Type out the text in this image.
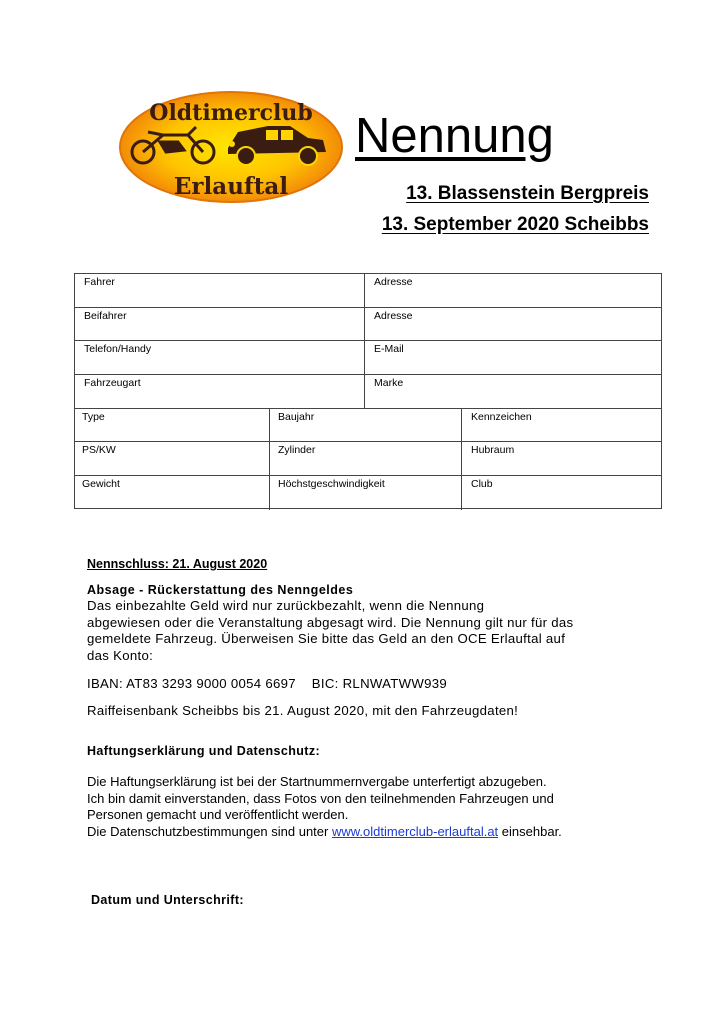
Oldtimerclub
Erlauftal
Nennung
13. Blassenstein Bergpreis
13. September 2020 Scheibbs
Fahrer	Adresse
Beifahrer	Adresse
Telefon/Handy	E-Mail
Fahrzeugart	Marke
Type	Baujahr	Kennzeichen
PS/KW	Zylinder	Hubraum
Gewicht	Höchstgeschwindigkeit	Club
Nennschluss: 21. August 2020
Absage - Rückerstattung des Nenngeldes
Das einbezahlte Geld wird nur zurückbezahlt, wenn die Nennung
abgewiesen oder die Veranstaltung abgesagt wird. Die Nennung gilt nur für das
gemeldete Fahrzeug. Überweisen Sie bitte das Geld an den OCE Erlauftal auf
das Konto:
IBAN: AT83 3293 9000 0054 6697 BIC: RLNWATWW939
Raiffeisenbank Scheibbs bis 21. August 2020, mit den Fahrzeugdaten!
Haftungserklärung und Datenschutz:
Die Haftungserklärung ist bei der Startnummernvergabe unterfertigt abzugeben.
Ich bin damit einverstanden, dass Fotos von den teilnehmenden Fahrzeugen und
Personen gemacht und veröffentlicht werden.
Die Datenschutzbestimmungen sind unter www.oldtimerclub-erlauftal.at einsehbar.
Datum und Unterschrift:
